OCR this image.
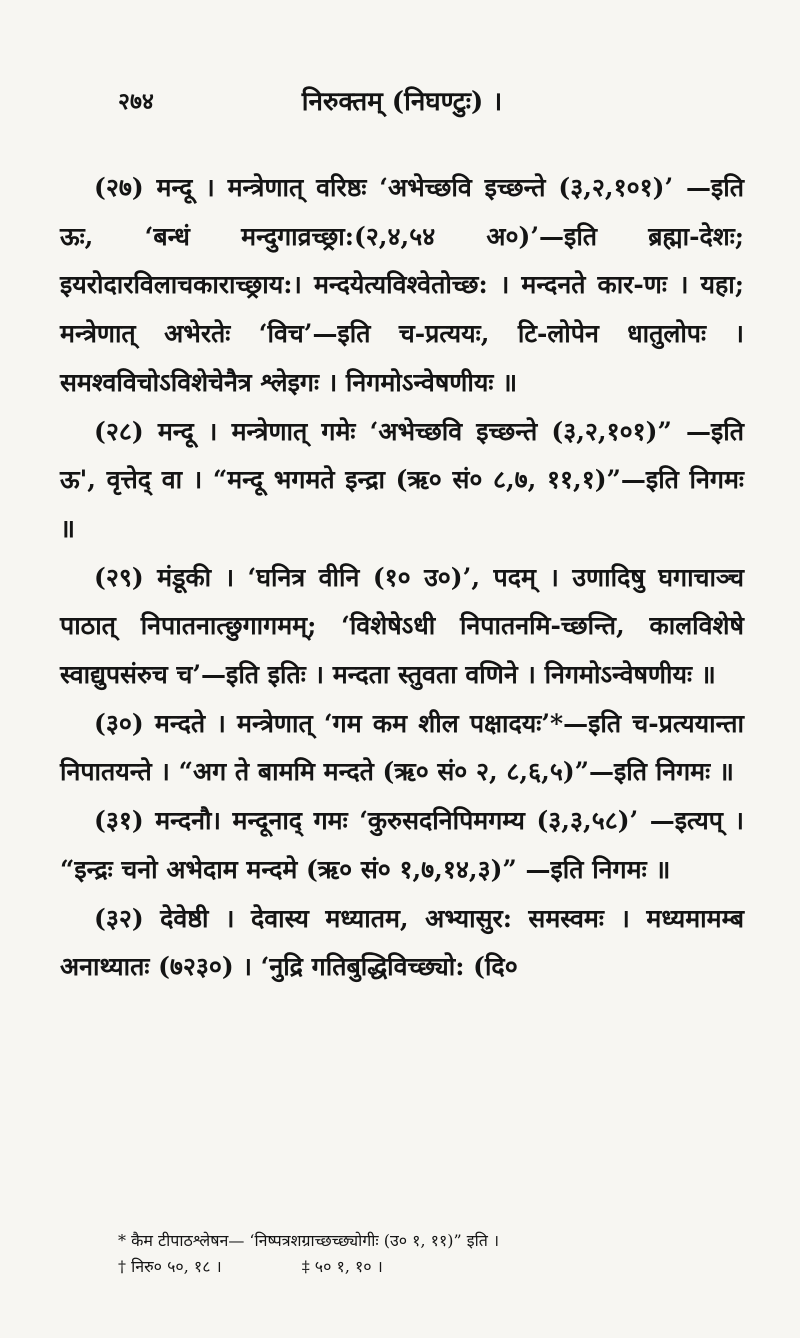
२७४	निरुक्तम् (निघण्टुः) ।

(२७) मन्दू । मन्त्रेणात् वरिष्ठः ‘अभेच्छवि इच्छन्ते (३,२,१०१)’ —इति ऊः, ‘बन्धं मन्दुगाव्रच्छ्रा:(२,४,५४ अ०)’—इति ब्रह्मा-देशः; इयरोदारविलाचकाराच्छ्राय:। मन्दयेत्यविश्वेतोच्छ: । मन्दनते कार-णः । यहा; मन्त्रेणात् अभेरतेः ‘विच’—इति च-प्रत्ययः, टि-लोपेन धातुलोपः । समश्वविचोऽविशेचेनैत्र श्लेइगः । निगमोऽन्वेषणीयः ॥

(२८) मन्दू । मन्त्रेणात् गमेः ‘अभेच्छवि इच्छन्ते (३,२,१०१)” —इति ऊ', वृत्तेद् वा । “मन्दू भगमते इन्द्रा (ऋ० सं० ८,७, ११,१)”—इति निगमः ॥

(२९) मंडूकी । ‘घनित्र वीनि (१० उ०)’, पदम् । उणादिषु घगाचाञ्च पाठात् निपातनात्छुगागमम्; ‘विशेषेऽधी निपातनमि-च्छन्ति, कालविशेषे स्वाद्युपसंरुच च’—इति इतिः । मन्दता स्तुवता वणिने । निगमोऽन्वेषणीयः ॥

(३०) मन्दते । मन्त्रेणात् ‘गम कम शील पक्षादयः’*—इति च-प्रत्ययान्ता निपातयन्ते । “अग ते बाममि मन्दते (ऋ० सं० २, ८,६,५)”—इति निगमः ॥

(३१) मन्दनौ। मन्दूनाद् गमः ‘कुरुसदनिपिमगम्य (३,३,५८)’ —इत्यप् । “इन्द्रः चनो अभेदाम मन्दमे (ऋ० सं० १,७,१४,३)” —इति निगमः ॥

(३२) देवेष्ठी । देवास्य मध्यातम, अभ्यासुर: समस्वमः । मध्यमामम्ब अनाथ्यातः (७२३०) । ‘नुद्रि गतिबुद्धिविच्छ्यो: (दि०

* कैम टीपाठश्लेषन— ‘निष्पत्रशग्राच्छच्छ्योगीः (उ० १, ११)” इति ।

† निरु० ५०, १८ ।	‡ ५० १, १० ।
